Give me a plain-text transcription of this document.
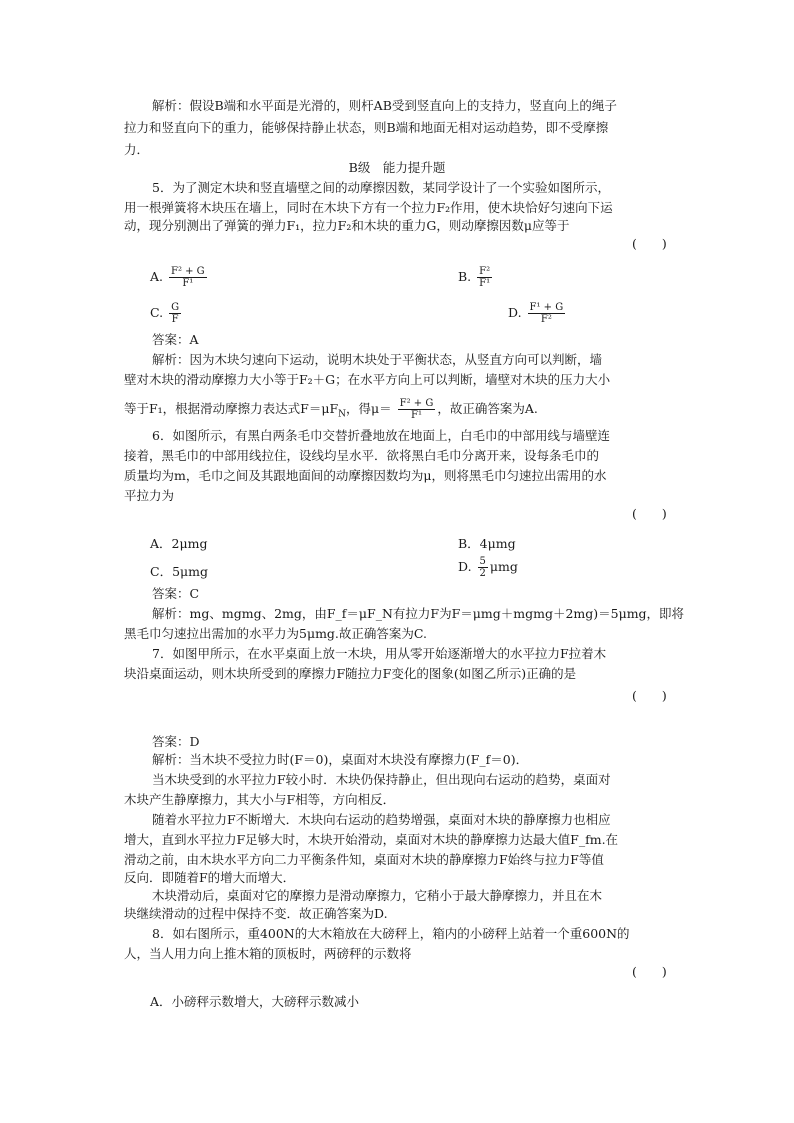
解析：假设B端和水平面是光滑的，则杆AB受到竖直向上的支持力，竖直向上的绳子
拉力和竖直向下的重力，能够保持静止状态，则B端和地面无相对运动趋势，即不受摩擦
力．
B级　能力提升题
5．为了测定木块和竖直墙壁之间的动摩擦因数，某同学设计了一个实验如图所示，
用一根弹簧将木块压在墙上，同时在木块下方有一个拉力F₂作用，使木块恰好匀速向下运
动，现分别测出了弹簧的弹力F₁，拉力F₂和木块的重力G，则动摩擦因数μ应等于
(　　)
A. $\frac{\text{F² + G}}{\text{F¹}}$	B. $\frac{\text{F²}}{\text{F¹}}$
C. $\frac{G}{F}$	D. $\frac{\text{F¹ + G}}{\text{F²}}$
答案：A
解析：因为木块匀速向下运动，说明木块处于平衡状态，从竖直方向可以判断，墙
壁对木块的滑动摩擦力大小等于F₂＋G；在水平方向上可以判断，墙壁对木块的压力大小
等于F₁，根据滑动摩擦力表达式$F=\mu F_N$，得$\mu= \frac{\text{F² + G}}{\text{F¹}}$ ，故正确答案为A.
6．如图所示，有黑白两条毛巾交替折叠地放在地面上，白毛巾的中部用线与墙壁连
接着，黑毛巾的中部用线拉住，设线均呈水平．欲将黑白毛巾分离开来，设每条毛巾的
质量均为m，毛巾之间及其跟地面间的动摩擦因数均为μ，则将黑毛巾匀速拉出需用的水
平拉力为
(　　)
A．2μmg	B．4μmg
C．5μmg	D. $\frac{5}{2}$ μmg
答案：C
解析：mg、mgmg、2mg，由F_f＝μF_N有拉力F为F＝μmg＋mgmg＋2mg)＝5μmg，即将
黑毛巾匀速拉出需加的水平力为5μmg.故正确答案为C.
7．如图甲所示，在水平桌面上放一木块，用从零开始逐渐增大的水平拉力F拉着木
块沿桌面运动，则木块所受到的摩擦力F随拉力F变化的图象(如图乙所示)正确的是
(　　)
答案：D
解析：当木块不受拉力时(F＝0)，桌面对木块没有摩擦力(F_f＝0)．
当木块受到的水平拉力F较小时．木块仍保持静止，但出现向右运动的趋势，桌面对
木块产生静摩擦力，其大小与F相等，方向相反．
随着水平拉力F不断增大．木块向右运动的趋势增强，桌面对木块的静摩擦力也相应
增大，直到水平拉力F足够大时，木块开始滑动，桌面对木块的静摩擦力达最大值F_fm.在
滑动之前，由木块水平方向二力平衡条件知，桌面对木块的静摩擦力F始终与拉力F等值
反向．即随着F的增大而增大．
木块滑动后，桌面对它的摩擦力是滑动摩擦力，它稍小于最大静摩擦力，并且在木
块继续滑动的过程中保持不变．故正确答案为D.
8．如右图所示，重400N的大木箱放在大磅秤上，箱内的小磅秤上站着一个重600N的
人，当人用力向上推木箱的顶板时，两磅秤的示数将
(　　)
A．小磅秤示数增大，大磅秤示数减小
